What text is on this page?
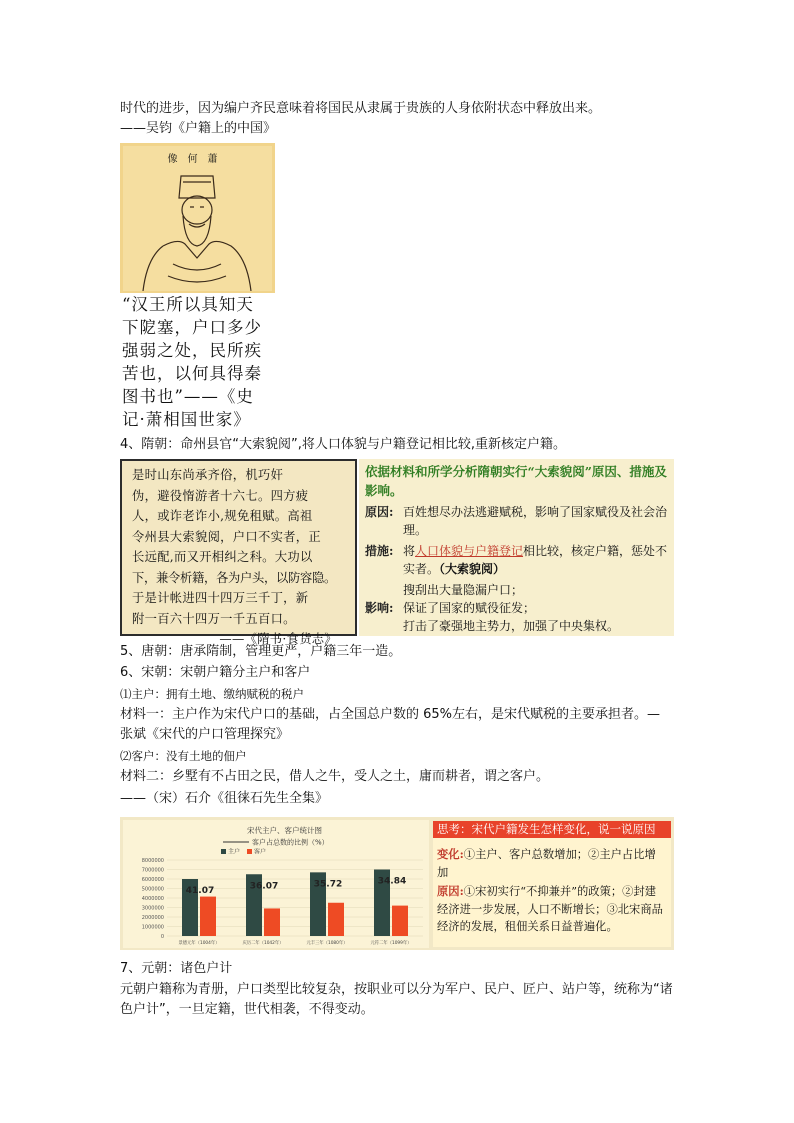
时代的进步，因为编户齐民意味着将国民从隶属于贵族的人身依附状态中释放出来。
——吴钧《户籍上的中国》
像何蕭
“汉王所以具知天
下阸塞，户口多少
强弱之处，民所疾
苦也，以何具得秦
图书也”——《史
记·萧相国世家》
4、隋朝：命州县官“大索貌阅”,将人口体貌与户籍登记相比较,重新核定户籍。
是时山东尚承齐俗，机巧奸
伪，避役惰游者十六七。四方疲
人，或诈老诈小,规免租赋。高祖
令州县大索貌阅，户口不实者，正
长远配,而又开相纠之科。大功以
下，兼令析籍，各为户头，以防容隐。
于是计帐进四十四万三千丁，新
附一百六十四万一千五百口。
——《隋书·食货志》
依据材料和所学分析隋朝实行“大索貌阅”原因、措施及影响。
原因: 百姓想尽办法逃避赋税，影响了国家赋役及社会治理。
措施: 将人口体貌与户籍登记相比较，核定户籍，惩处不实者。（大索貌阅）
影响:
搜刮出大量隐漏户口；
保证了国家的赋役征发；
打击了豪强地主势力，加强了中央集权。
5、唐朝：唐承隋制，管理更严，户籍三年一造。
6、宋朝：宋朝户籍分主户和客户
⑴主户：拥有土地、缴纳赋税的税户
材料一：主户作为宋代户口的基础，占全国总户数的 65%左右，是宋代赋税的主要承担者。—
张斌《宋代的户口管理探究》
⑵客户：没有土地的佃户
材料二：乡墅有不占田之民，借人之牛，受人之土，庸而耕者，谓之客户。
——（宋）石介《徂徕石先生全集》
宋代主户、客户统计图
客户占总数的比例（%）
主户 客户
8000000
7000000
6000000
5000000
4000000
3000000
2000000
1000000
0
41.07
景德元年（1004年）
36.07
庆历二年（1042年）
35.72
元丰三年（1080年）
34.84
元符二年（1099年）
思考：宋代户籍发生怎样变化，说一说原因
变化:①主户、客户总数增加；②主户占比增加
原因:①宋初实行“不抑兼并”的政策；②封建经济进一步发展，人口不断增长；③北宋商品经济的发展，租佃关系日益普遍化。
7、元朝：诸色户计
元朝户籍称为青册，户口类型比较复杂，按职业可以分为军户、民户、匠户、站户等，统称为“诸色户计”，一旦定籍，世代相袭，不得变动。
